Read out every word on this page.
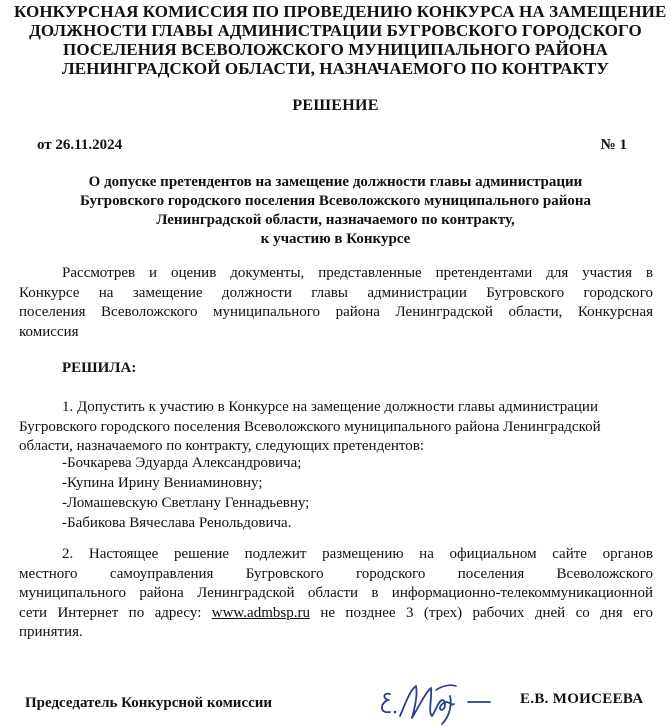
КОНКУРСНАЯ КОМИССИЯ ПО ПРОВЕДЕНИЮ КОНКУРСА НА ЗАМЕЩЕНИЕ
ДОЛЖНОСТИ ГЛАВЫ АДМИНИСТРАЦИИ БУГРОВСКОГО ГОРОДСКОГО
ПОСЕЛЕНИЯ ВСЕВОЛОЖСКОГО МУНИЦИПАЛЬНОГО РАЙОНА
ЛЕНИНГРАДСКОЙ ОБЛАСТИ, НАЗНАЧАЕМОГО ПО КОНТРАКТУ
РЕШЕНИЕ
от 26.11.2024	№ 1
О допуске претендентов на замещение должности главы администрации
Бугровского городского поселения Всеволожского муниципального района
Ленинградской области, назначаемого по контракту,
к участию в Конкурсе
Рассмотрев и оценив документы, представленные претендентами для участия в
Конкурсе на замещение должности главы администрации Бугровского городского
поселения Всеволожского муниципального района Ленинградской области, Конкурсная
комиссия
РЕШИЛА:
1. Допустить к участию в Конкурсе на замещение должности главы администрации
Бугровского городского поселения Всеволожского муниципального района Ленинградской
области, назначаемого по контракту, следующих претендентов:
-Бочкарева Эдуарда Александровича;
-Купина Ирину Вениаминовну;
-Ломашевскую Светлану Геннадьевну;
-Бабикова Вячеслава Ренольдовича.
2. Настоящее решение подлежит размещению на официальном сайте органов
местного самоуправления Бугровского городского поселения Всеволожского
муниципального района Ленинградской области в информационно-телекоммуникационной
сети Интернет по адресу: www.admbsp.ru не позднее 3 (трех) рабочих дней со дня его
принятия.
Председатель Конкурсной комиссии	Е.В. МОИСЕЕВА
